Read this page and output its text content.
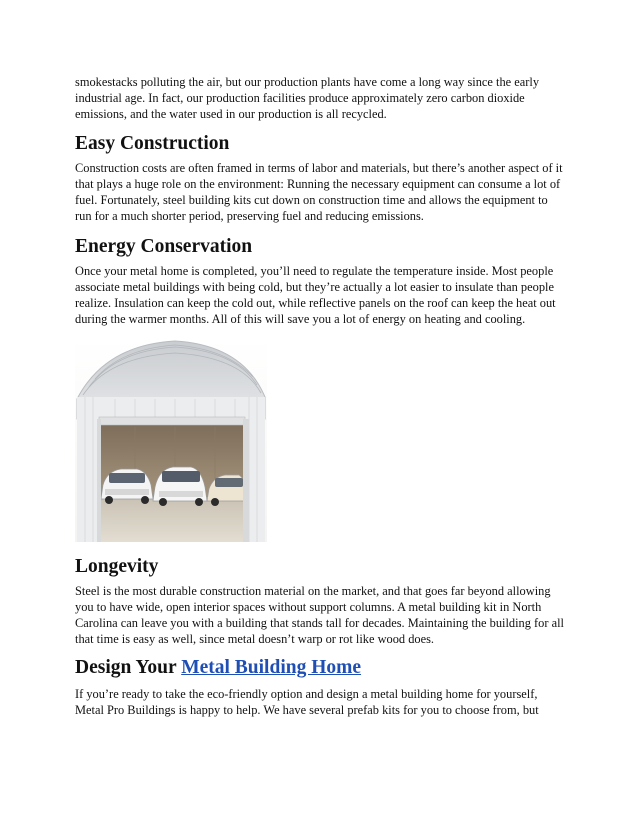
smokestacks polluting the air, but our production plants have come a long way since the early industrial age. In fact, our production facilities produce approximately zero carbon dioxide emissions, and the water used in our production is all recycled.

Easy Construction

Construction costs are often framed in terms of labor and materials, but there’s another aspect of it that plays a huge role on the environment: Running the necessary equipment can consume a lot of fuel. Fortunately, steel building kits cut down on construction time and allows the equipment to run for a much shorter period, preserving fuel and reducing emissions.

Energy Conservation

Once your metal home is completed, you’ll need to regulate the temperature inside. Most people associate metal buildings with being cold, but they’re actually a lot easier to insulate than people realize. Insulation can keep the cold out, while reflective panels on the roof can keep the heat out during the warmer months. All of this will save you a lot of energy on heating and cooling.

Longevity

Steel is the most durable construction material on the market, and that goes far beyond allowing you to have wide, open interior spaces without support columns. A metal building kit in North Carolina can leave you with a building that stands tall for decades. Maintaining the building for all that time is easy as well, since metal doesn’t warp or rot like wood does.

Design Your Metal Building Home

If you’re ready to take the eco-friendly option and design a metal building home for yourself, Metal Pro Buildings is happy to help. We have several prefab kits for you to choose from, but
